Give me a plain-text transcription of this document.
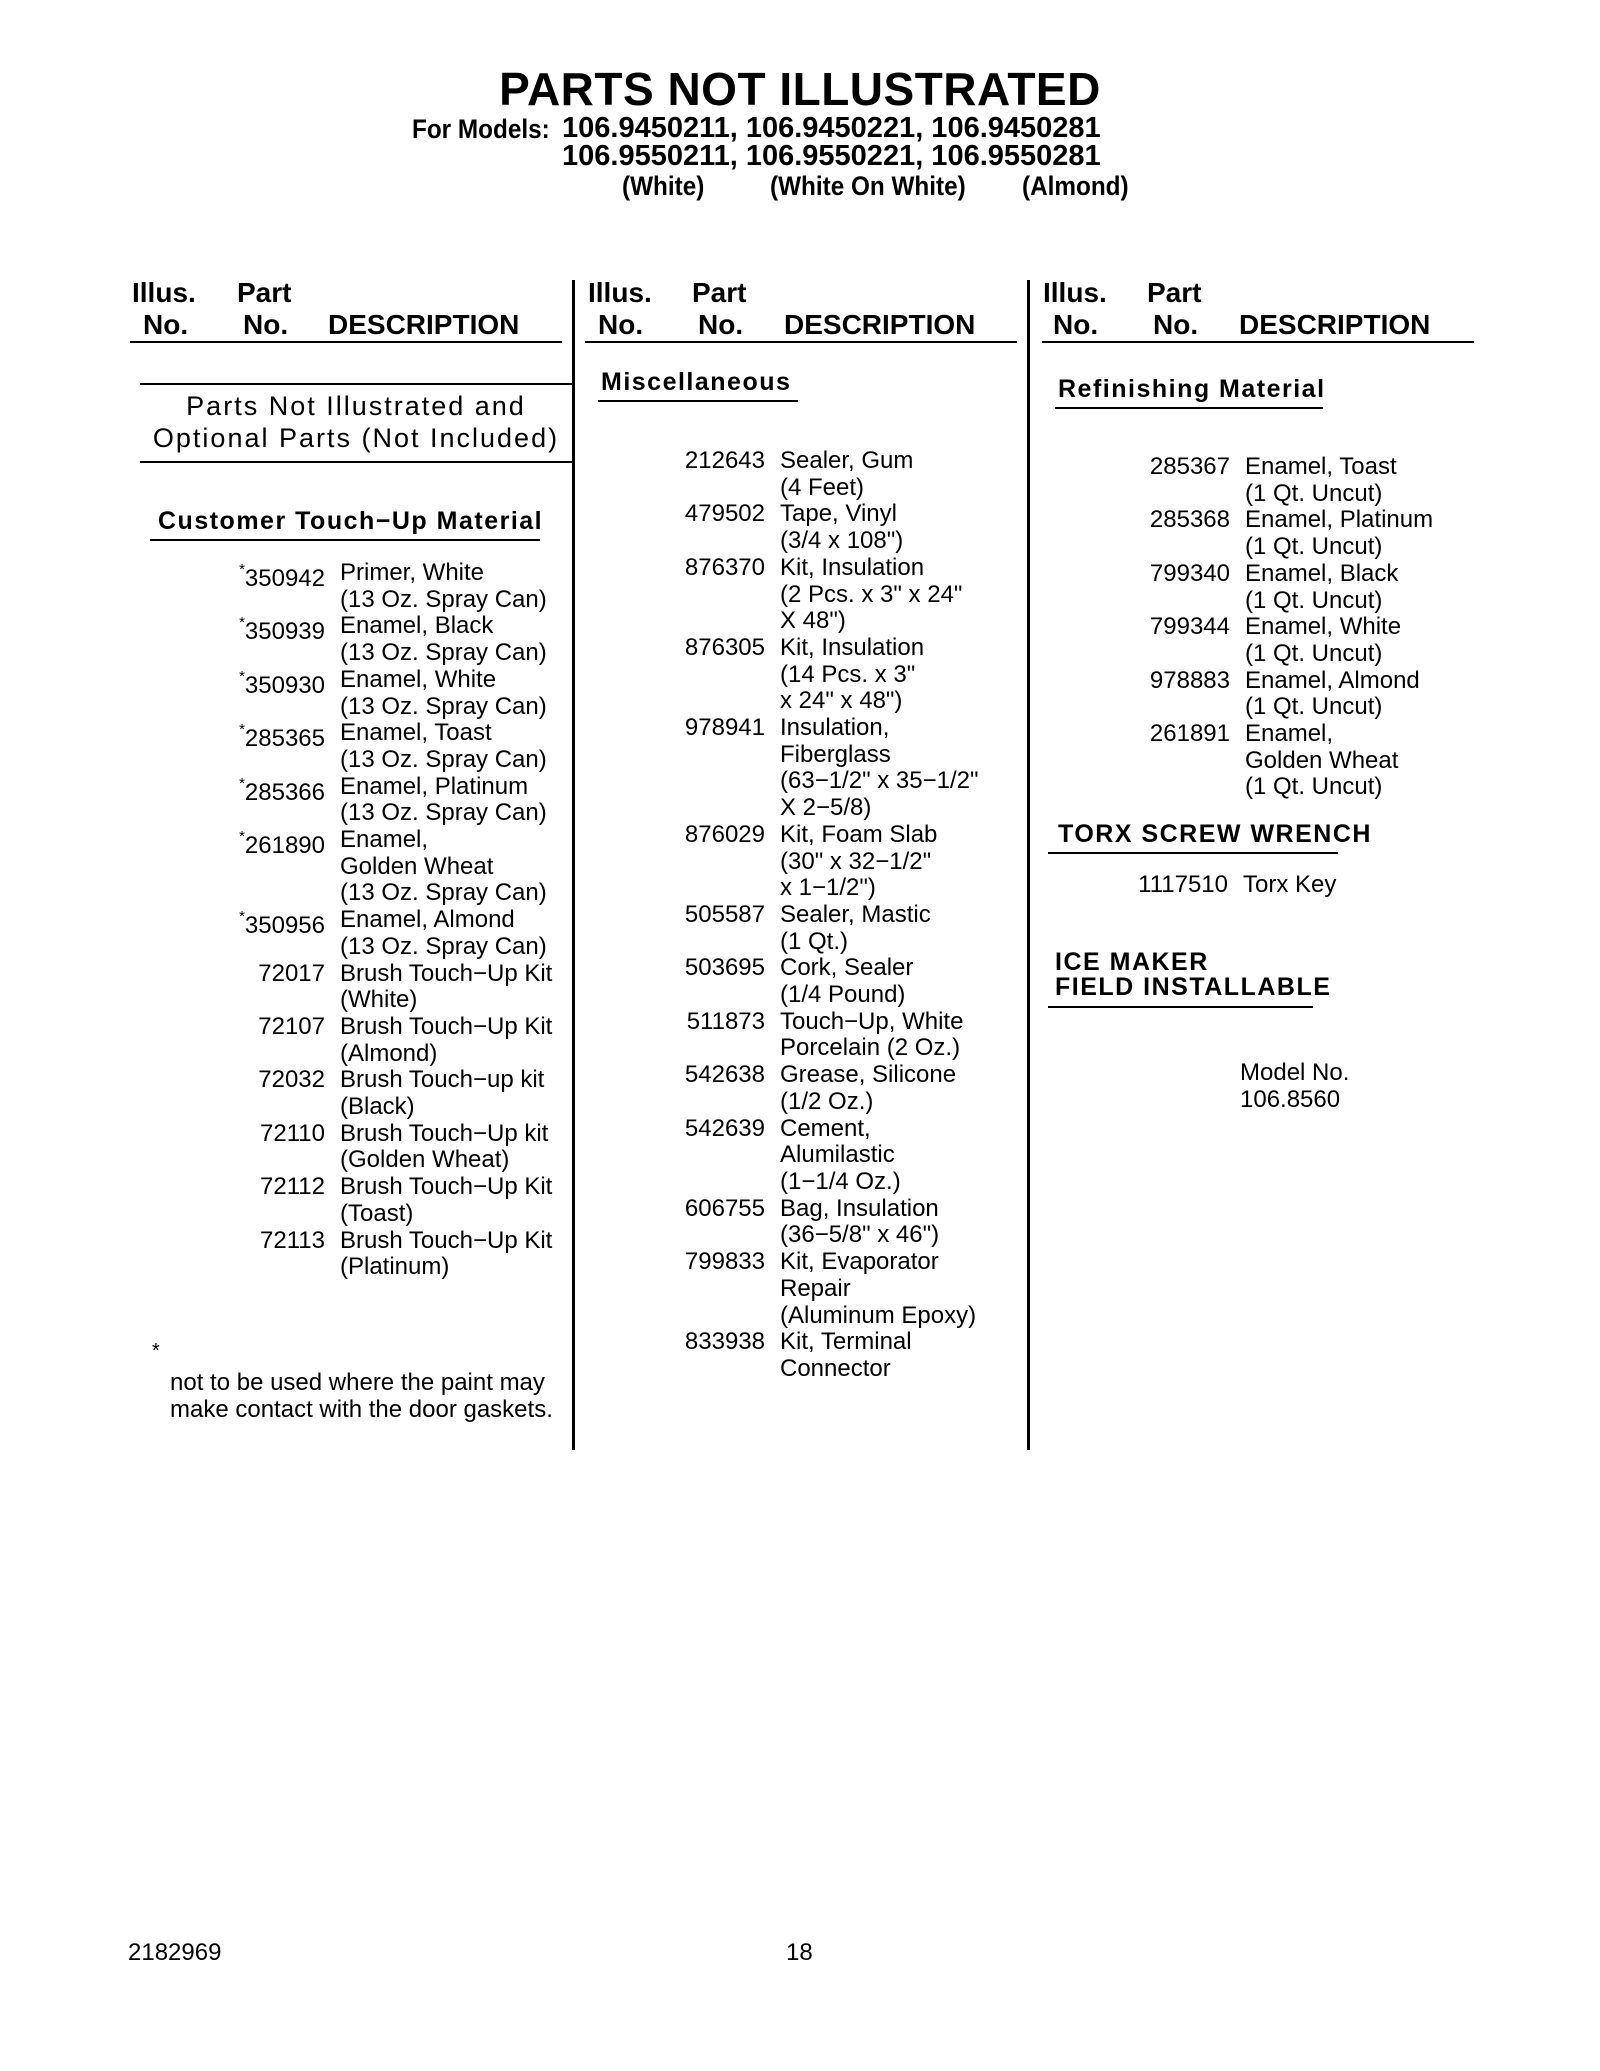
PARTS NOT ILLUSTRATED
For Models: 106.9450211, 106.9450221, 106.9450281
106.9550211, 106.9550221, 106.9550281
(White) (White On White) (Almond)
Illus.
No.
Part
No. DESCRIPTION
Illus.
No.
Part
No. DESCRIPTION
Illus.
No.
Part
No. DESCRIPTION
Parts Not Illustrated and
Optional Parts (Not Included)
Customer Touch−Up Material
*350942 Primer, White
(13 Oz. Spray Can)
*350939 Enamel, Black
(13 Oz. Spray Can)
*350930 Enamel, White
(13 Oz. Spray Can)
*285365 Enamel, Toast
(13 Oz. Spray Can)
*285366 Enamel, Platinum
(13 Oz. Spray Can)
*261890 Enamel,
Golden Wheat
(13 Oz. Spray Can)
*350956 Enamel, Almond
(13 Oz. Spray Can)
72017 Brush Touch−Up Kit
(White)
72107 Brush Touch−Up Kit
(Almond)
72032 Brush Touch−up kit
(Black)
72110 Brush Touch−Up kit
(Golden Wheat)
72112 Brush Touch−Up Kit
(Toast)
72113 Brush Touch−Up Kit
(Platinum)
*
not to be used where the paint may make contact with the door gaskets.
Miscellaneous
212643 Sealer, Gum
(4 Feet)
479502 Tape, Vinyl
(3/4 x 108")
876370 Kit, Insulation
(2 Pcs. x 3" x 24"
X 48")
876305 Kit, Insulation
(14 Pcs. x 3"
x 24" x 48")
978941 Insulation,
Fiberglass
(63−1/2" x 35−1/2"
X 2−5/8)
876029 Kit, Foam Slab
(30" x 32−1/2"
x 1−1/2")
505587 Sealer, Mastic
(1 Qt.)
503695 Cork, Sealer
(1/4 Pound)
511873 Touch−Up, White
Porcelain (2 Oz.)
542638 Grease, Silicone
(1/2 Oz.)
542639 Cement,
Alumilastic
(1−1/4 Oz.)
606755 Bag, Insulation
(36−5/8" x 46")
799833 Kit, Evaporator
Repair
(Aluminum Epoxy)
833938 Kit, Terminal
Connector
Refinishing Material
285367 Enamel, Toast
(1 Qt. Uncut)
285368 Enamel, Platinum
(1 Qt. Uncut)
799340 Enamel, Black
(1 Qt. Uncut)
799344 Enamel, White
(1 Qt. Uncut)
978883 Enamel, Almond
(1 Qt. Uncut)
261891 Enamel,
Golden Wheat
(1 Qt. Uncut)
TORX SCREW WRENCH
1117510 Torx Key
ICE MAKER
FIELD INSTALLABLE
Model No.
106.8560
2182969	18
